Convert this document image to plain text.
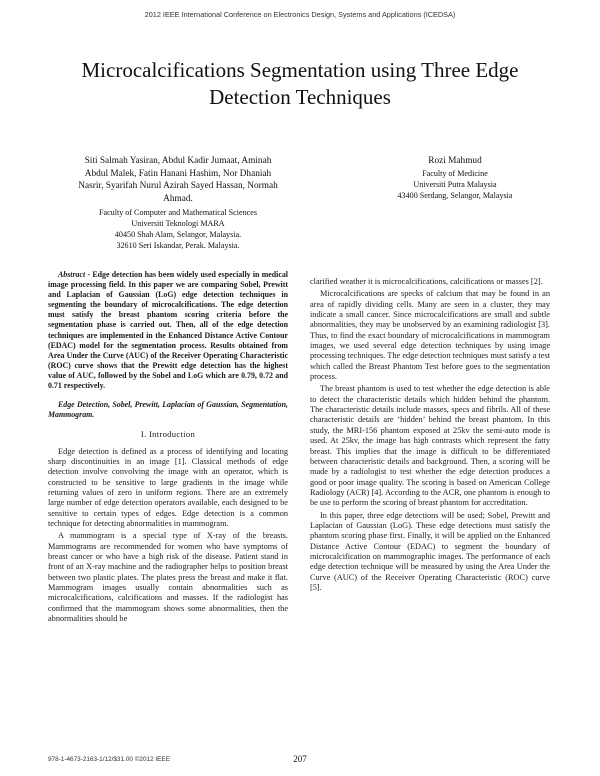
2012 IEEE International Conference on Electronics Design, Systems and Applications (ICEDSA)
Microcalcifications Segmentation using Three Edge
Detection Techniques
Siti Salmah Yasiran, Abdul Kadir Jumaat, Aminah
Abdul Malek, Fatin Hanani Hashim, Nor Dhaniah
Nasrir, Syarifah Nurul Azirah Sayed Hassan, Normah
Ahmad.
Faculty of Computer and Mathematical Sciences
Universiti Teknologi MARA
40450 Shah Alam, Selangor, Malaysia.
32610 Seri Iskandar, Perak. Malaysia.
Rozi Mahmud
Faculty of Medicine
Universiti Putra Malaysia
43400 Serdang, Selangor, Malaysia

Abstract - Edge detection has been widely used especially in medical image processing field. In this paper we are comparing Sobel, Prewitt and Laplacian of Gaussian (LoG) edge detection techniques in segmenting the boundary of microcalcifications. The edge detection must satisfy the breast phantom scoring criteria before the segmentation phase is carried out. Then, all of the edge detection techniques are implemented in the Enhanced Distance Active Contour (EDAC) model for the segmentation process. Results obtained from Area Under the Curve (AUC) of the Receiver Operating Characteristic (ROC) curve shows that the Prewitt edge detection has the highest value of AUC, followed by the Sobel and LoG which are 0.79, 0.72 and 0.71 respectively.

Edge Detection, Sobel, Prewitt, Laplacian of Gaussian, Segmentation, Mammogram.

I. Introduction

Edge detection is defined as a process of identifying and locating sharp discontinuities in an image [1]. Classical methods of edge detection involve convolving the image with an operator, which is constructed to be sensitive to large gradients in the image while returning values of zero in uniform regions. There are an extremely large number of edge detection operators available, each designed to be sensitive to certain types of edges. Edge detection is a common technique for detecting abnormalities in mammogram.

A mammogram is a special type of X-ray of the breasts. Mammograms are recommended for women who have symptoms of breast cancer or who have a high risk of the disease. Patient stand in front of an X-ray machine and the radiographer helps to position breast between two plastic plates. The plates press the breast and make it flat. Mammogram images usually contain abnormalities such as microcalcifications, calcifications and masses. If the radiologist has confirmed that the mammogram shows some abnormalities, then the abnormalities should be

clarified weather it is microcalcifications, calcifications or masses [2].

Microcalcifications are specks of calcium that may be found in an area of rapidly dividing cells. Many are seen in a cluster, they may indicate a small cancer. Since microcalcifications are small and subtle abnormalities, they may be unobserved by an examining radiologist [3]. Thus, to find the exact boundary of microcalcifications in mammogram images, we used several edge detection techniques by using image processing techniques. The edge detection techniques must satisfy a test which called the Breast Phantom Test before goes to the segmentation process.

The breast phantom is used to test whether the edge detection is able to detect the characteristic details which hidden behind the phantom. The characteristic details include masses, specs and fibrils. All of these characteristic details are ‘hidden’ behind the breast phantom. In this study, the MRI-156 phantom exposed at 25kv the semi-auto mode is used. At 25kv, the image has high contrasts which represent the fatty breast. This implies that the image is difficult to be differentiated between characteristic details and background. Then, a scoring will be made by a radiologist to test whether the edge detection produces a good or poor image quality. The scoring is based on American College Radiology (ACR) [4]. According to the ACR, one phantom is enough to be use to perform the scoring of breast phantom for accreditation.

In this paper, three edge detections will be used; Sobel, Prewitt and Laplacian of Gaussian (LoG). These edge detections must satisfy the phantom scoring phase first. Finally, it will be applied on the Enhanced Distance Active Contour (EDAC) to segment the boundary of microcalcification on mammographic images. The performance of each edge detection technique will be measured by using the Area Under the Curve (AUC) of the Receiver Operating Characteristic (ROC) curve [5].

978-1-4673-2163-1/12/$31.00 ©2012 IEEE	207
